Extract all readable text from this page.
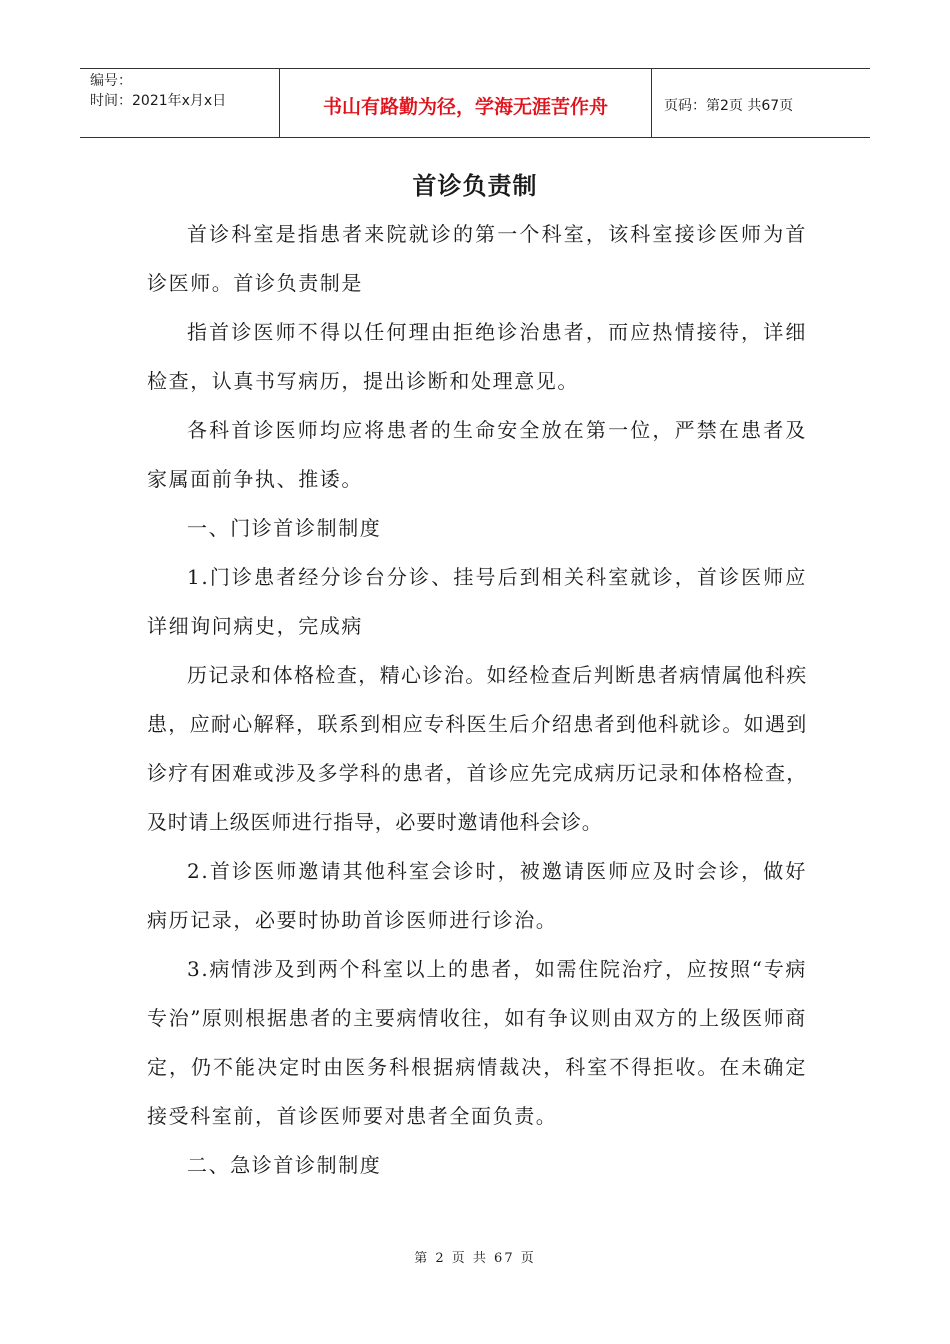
编号：
时间：2021年x月x日	书山有路勤为径，学海无涯苦作舟	页码：第2页 共67页
首诊负责制

首诊科室是指患者来院就诊的第一个科室，该科室接诊医师为首诊医师。首诊负责制是

指首诊医师不得以任何理由拒绝诊治患者，而应热情接待，详细检查，认真书写病历，提出诊断和处理意见。

各科首诊医师均应将患者的生命安全放在第一位，严禁在患者及家属面前争执、推诿。

一、门诊首诊制制度

1.门诊患者经分诊台分诊、挂号后到相关科室就诊，首诊医师应详细询问病史，完成病

历记录和体格检查，精心诊治。如经检查后判断患者病情属他科疾患，应耐心解释，联系到相应专科医生后介绍患者到他科就诊。如遇到诊疗有困难或涉及多学科的患者，首诊应先完成病历记录和体格检查，及时请上级医师进行指导，必要时邀请他科会诊。

2.首诊医师邀请其他科室会诊时，被邀请医师应及时会诊，做好病历记录，必要时协助首诊医师进行诊治。

3.病情涉及到两个科室以上的患者，如需住院治疗，应按照“专病专治”原则根据患者的主要病情收往，如有争议则由双方的上级医师商定，仍不能决定时由医务科根据病情裁决，科室不得拒收。在未确定接受科室前，首诊医师要对患者全面负责。

二、急诊首诊制制度

第 2 页 共 67 页
